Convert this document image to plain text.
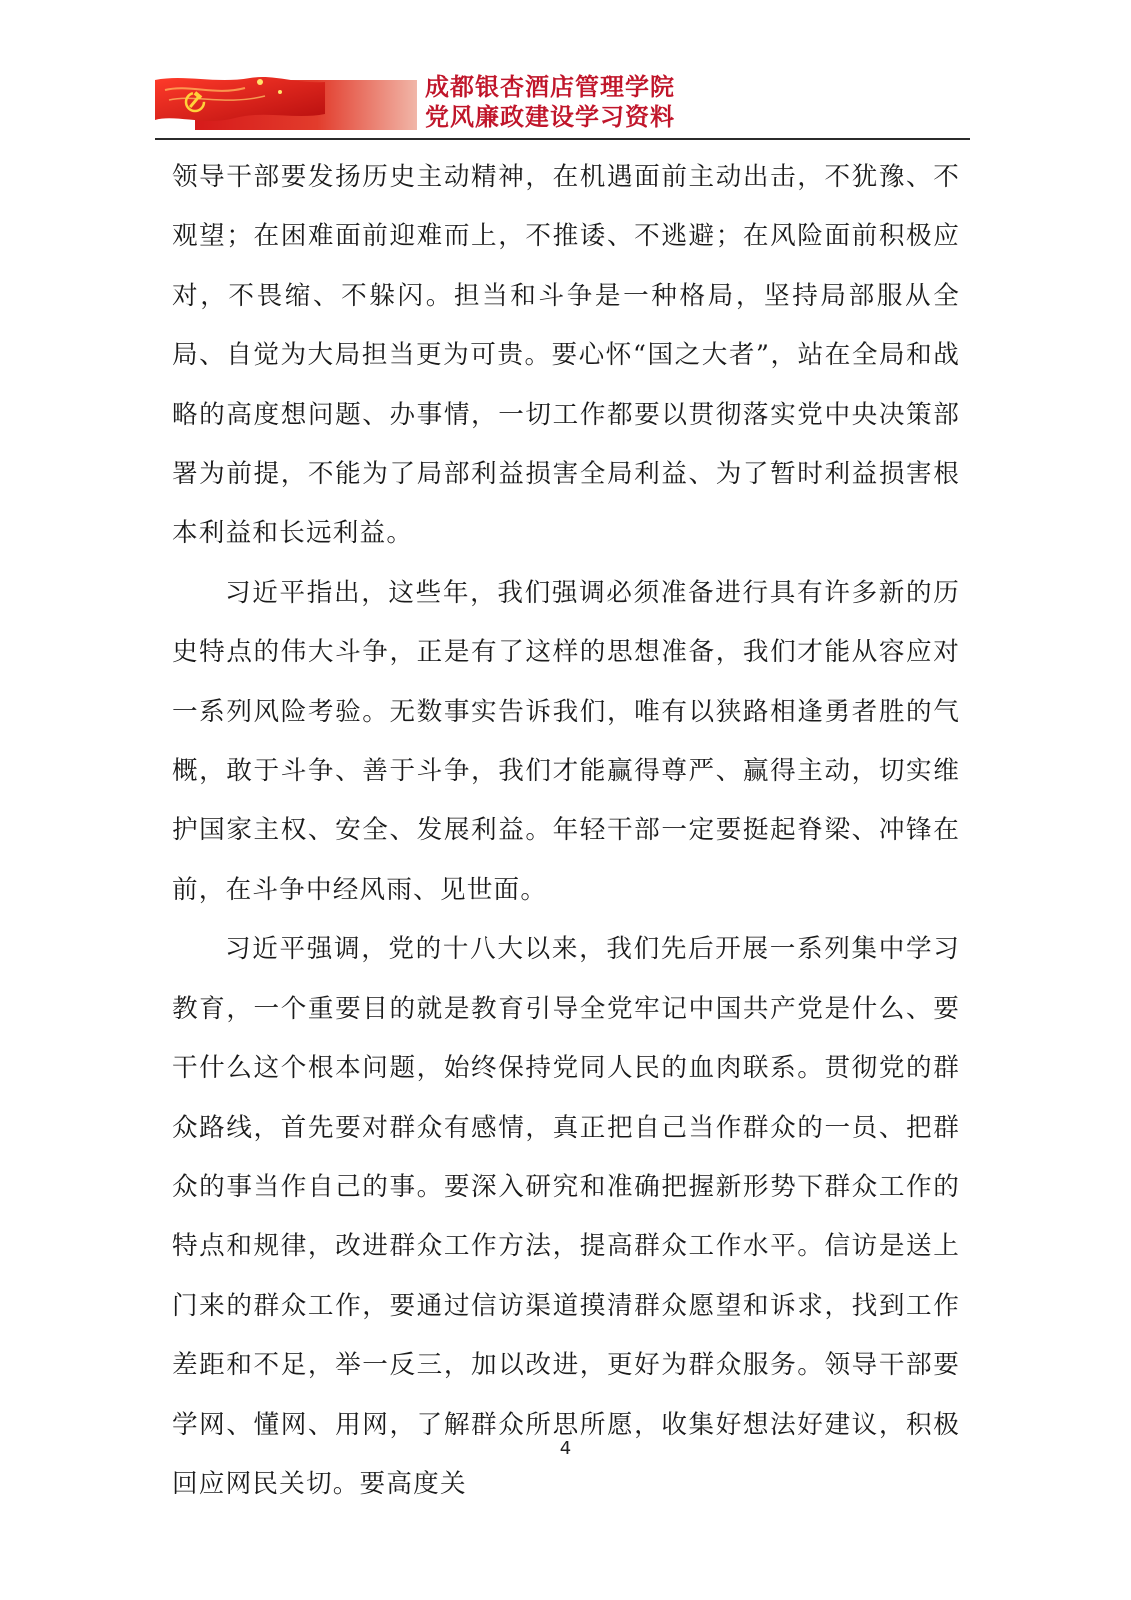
成都银杏酒店管理学院
党风廉政建设学习资料

领导干部要发扬历史主动精神，在机遇面前主动出击，不犹豫、不观望；在困难面前迎难而上，不推诿、不逃避；在风险面前积极应对，不畏缩、不躲闪。担当和斗争是一种格局，坚持局部服从全局、自觉为大局担当更为可贵。要心怀“国之大者”，站在全局和战略的高度想问题、办事情，一切工作都要以贯彻落实党中央决策部署为前提，不能为了局部利益损害全局利益、为了暂时利益损害根本利益和长远利益。

习近平指出，这些年，我们强调必须准备进行具有许多新的历史特点的伟大斗争，正是有了这样的思想准备，我们才能从容应对一系列风险考验。无数事实告诉我们，唯有以狭路相逢勇者胜的气概，敢于斗争、善于斗争，我们才能赢得尊严、赢得主动，切实维护国家主权、安全、发展利益。年轻干部一定要挺起脊梁、冲锋在前，在斗争中经风雨、见世面。

习近平强调，党的十八大以来，我们先后开展一系列集中学习教育，一个重要目的就是教育引导全党牢记中国共产党是什么、要干什么这个根本问题，始终保持党同人民的血肉联系。贯彻党的群众路线，首先要对群众有感情，真正把自己当作群众的一员、把群众的事当作自己的事。要深入研究和准确把握新形势下群众工作的特点和规律，改进群众工作方法，提高群众工作水平。信访是送上门来的群众工作，要通过信访渠道摸清群众愿望和诉求，找到工作差距和不足，举一反三，加以改进，更好为群众服务。领导干部要学网、懂网、用网，了解群众所思所愿，收集好想法好建议，积极回应网民关切。要高度关

4
